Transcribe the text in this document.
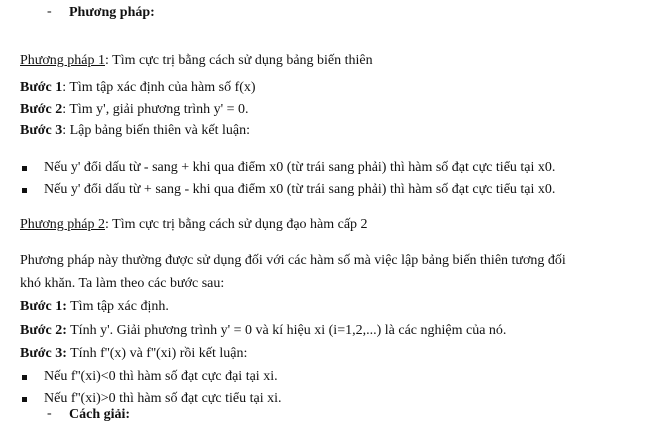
- Phương pháp:
Phương pháp 1: Tìm cực trị bằng cách sử dụng bảng biến thiên
Bước 1: Tìm tập xác định của hàm số f(x)
Bước 2: Tìm y', giải phương trình y' = 0.
Bước 3: Lập bảng biến thiên và kết luận:
Nếu y' đổi dấu từ - sang + khi qua điểm x0 (từ trái sang phải) thì hàm số đạt cực tiểu tại x0.
Nếu y' đổi dấu từ + sang - khi qua điểm x0 (từ trái sang phải) thì hàm số đạt cực tiểu tại x0.
Phương pháp 2: Tìm cực trị bằng cách sử dụng đạo hàm cấp 2
Phương pháp này thường được sử dụng đối với các hàm số mà việc lập bảng biến thiên tương đối
khó khăn. Ta làm theo các bước sau:
Bước 1: Tìm tập xác định.
Bước 2: Tính y'. Giải phương trình y' = 0 và kí hiệu xi (i=1,2,...) là các nghiệm của nó.
Bước 3: Tính f''(x) và f''(xi) rồi kết luận:
Nếu f''(xi)<0 thì hàm số đạt cực đại tại xi.
Nếu f''(xi)>0 thì hàm số đạt cực tiểu tại xi.
- Cách giải:
